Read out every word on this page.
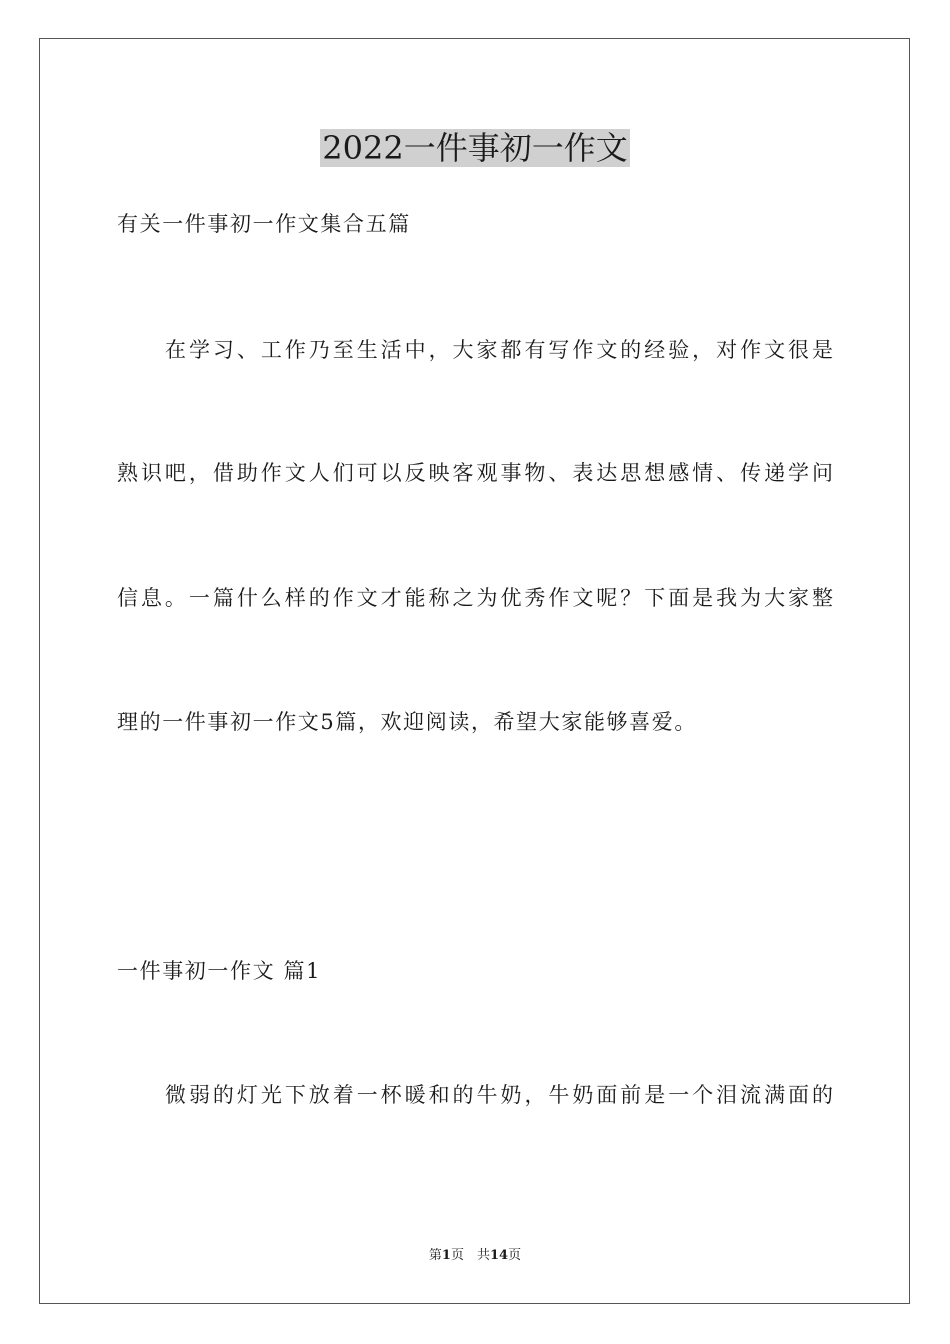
2022一件事初一作文
有关一件事初一作文集合五篇
在学习、工作乃至生活中，大家都有写作文的经验，对作文很是
熟识吧，借助作文人们可以反映客观事物、表达思想感情、传递学问
信息。一篇什么样的作文才能称之为优秀作文呢？下面是我为大家整
理的一件事初一作文5篇，欢迎阅读，希望大家能够喜爱。
一件事初一作文 篇1
微弱的灯光下放着一杯暖和的牛奶，牛奶面前是一个泪流满面的
第1页　共14页
